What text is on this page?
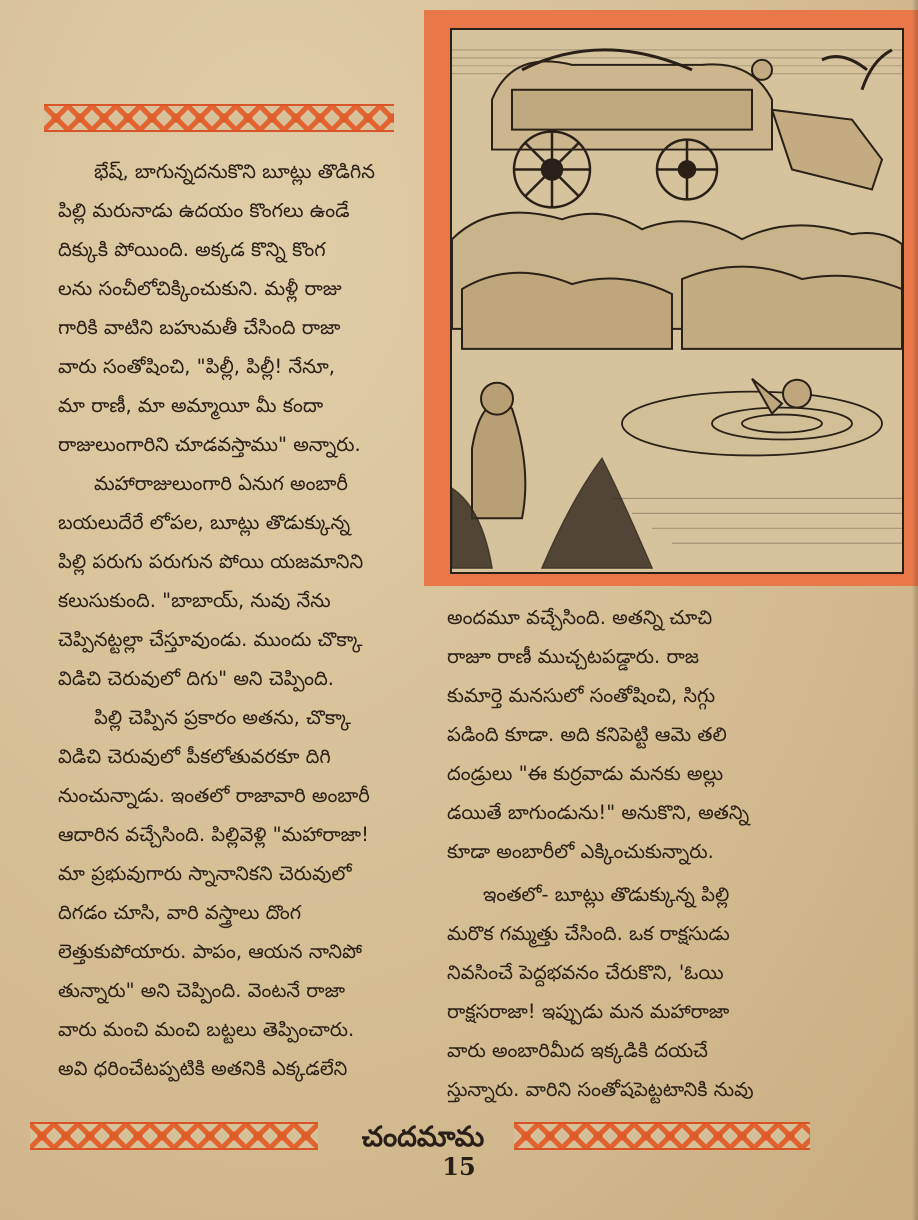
భేష్, బాగున్నదనుకొని బూట్లు తొడిగిన
పిల్లి మరునాడు ఉదయం కొంగలు ఉండే
దిక్కుకి పోయింది. అక్కడ కొన్ని కొంగ
లను సంచీలోచిక్కించుకుని. మళ్లీ రాజు
గారికి వాటిని బహుమతీ చేసింది రాజా
వారు సంతోషించి, "పిల్లీ, పిల్లీ! నేనూ,
మా రాణీ, మా అమ్మాయీ మీ కందా
రాజులుంగారిని చూడవస్తాము" అన్నారు.

మహారాజులుంగారి ఏనుగ అంబారీ
బయలుదేరే లోపల, బూట్లు తొడుక్కున్న
పిల్లి పరుగు పరుగున పోయి యజమానిని
కలుసుకుంది. "బాబాయ్, నువు నేను
చెప్పినట్టల్లా చేస్తూవుండు. ముందు చొక్కా
విడిచి చెరువులో దిగు" అని చెప్పింది.

పిల్లి చెప్పిన ప్రకారం అతను, చొక్కా
విడిచి చెరువులో పీకలోతువరకూ దిగి
నుంచున్నాడు. ఇంతలో రాజావారి అంబారీ
ఆదారిన వచ్చేసింది. పిల్లివెళ్లి "మహారాజా!
మా ప్రభువుగారు స్నానానికని చెరువులో
దిగడం చూసి, వారి వస్త్రాలు దొంగ
లెత్తుకుపోయారు. పాపం, ఆయన నానిపో
తున్నారు" అని చెప్పింది. వెంటనే రాజా
వారు మంచి మంచి బట్టలు తెప్పించారు.
అవి ధరించేటప్పటికి అతనికి ఎక్కడలేని

అందమూ వచ్చేసింది. అతన్ని చూచి
రాజూ రాణీ ముచ్చటపడ్డారు. రాజ
కుమార్తె మనసులో సంతోషించి, సిగ్గు
పడింది కూడా. అది కనిపెట్టి ఆమె తలి
దండ్రులు "ఈ కుర్రవాడు మనకు అల్లు
డయితే బాగుండును!" అనుకొని, అతన్ని
కూడా అంబారీలో ఎక్కించుకున్నారు.

ఇంతలో- బూట్లు తొడుక్కున్న పిల్లి
మరొక గమ్మత్తు చేసింది. ఒక రాక్షసుడు
నివసించే పెద్దభవనం చేరుకొని, 'ఓయి
రాక్షసరాజా! ఇప్పుడు మన మహారాజా
వారు అంబారిమీద ఇక్కడికి దయచే
స్తున్నారు. వారిని సంతోషపెట్టటానికి నువు

చందమామ
15
